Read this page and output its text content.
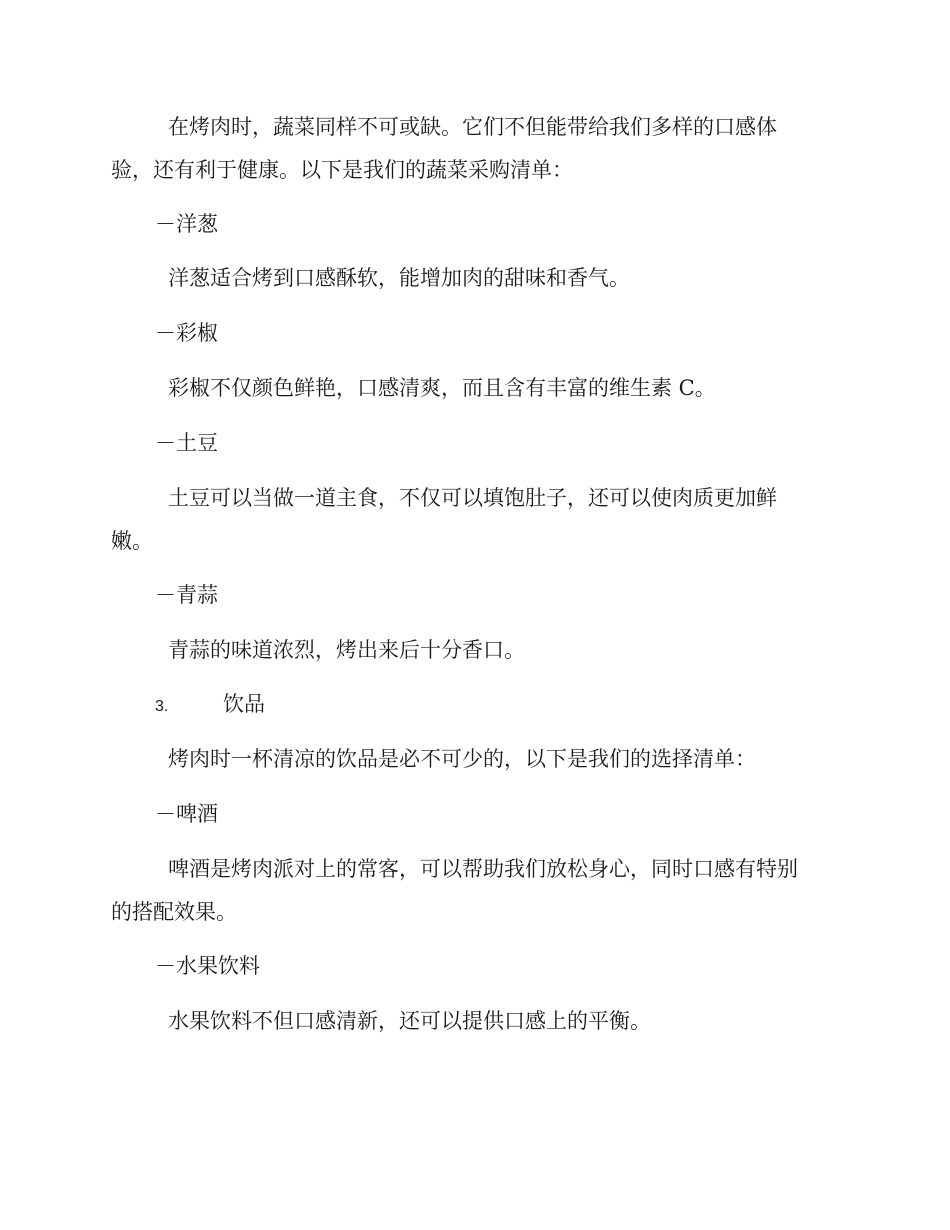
在烤肉时，蔬菜同样不可或缺。它们不但能带给我们多样的口感体
验，还有利于健康。以下是我们的蔬菜采购清单：
－洋葱
洋葱适合烤到口感酥软，能增加肉的甜味和香气。
－彩椒
彩椒不仅颜色鲜艳，口感清爽，而且含有丰富的维生素 C。
－土豆
土豆可以当做一道主食，不仅可以填饱肚子，还可以使肉质更加鲜
嫩。
－青蒜
青蒜的味道浓烈，烤出来后十分香口。
3.	饮品
烤肉时一杯清凉的饮品是必不可少的，以下是我们的选择清单：
－啤酒
啤酒是烤肉派对上的常客，可以帮助我们放松身心，同时口感有特别
的搭配效果。
－水果饮料
水果饮料不但口感清新，还可以提供口感上的平衡。
